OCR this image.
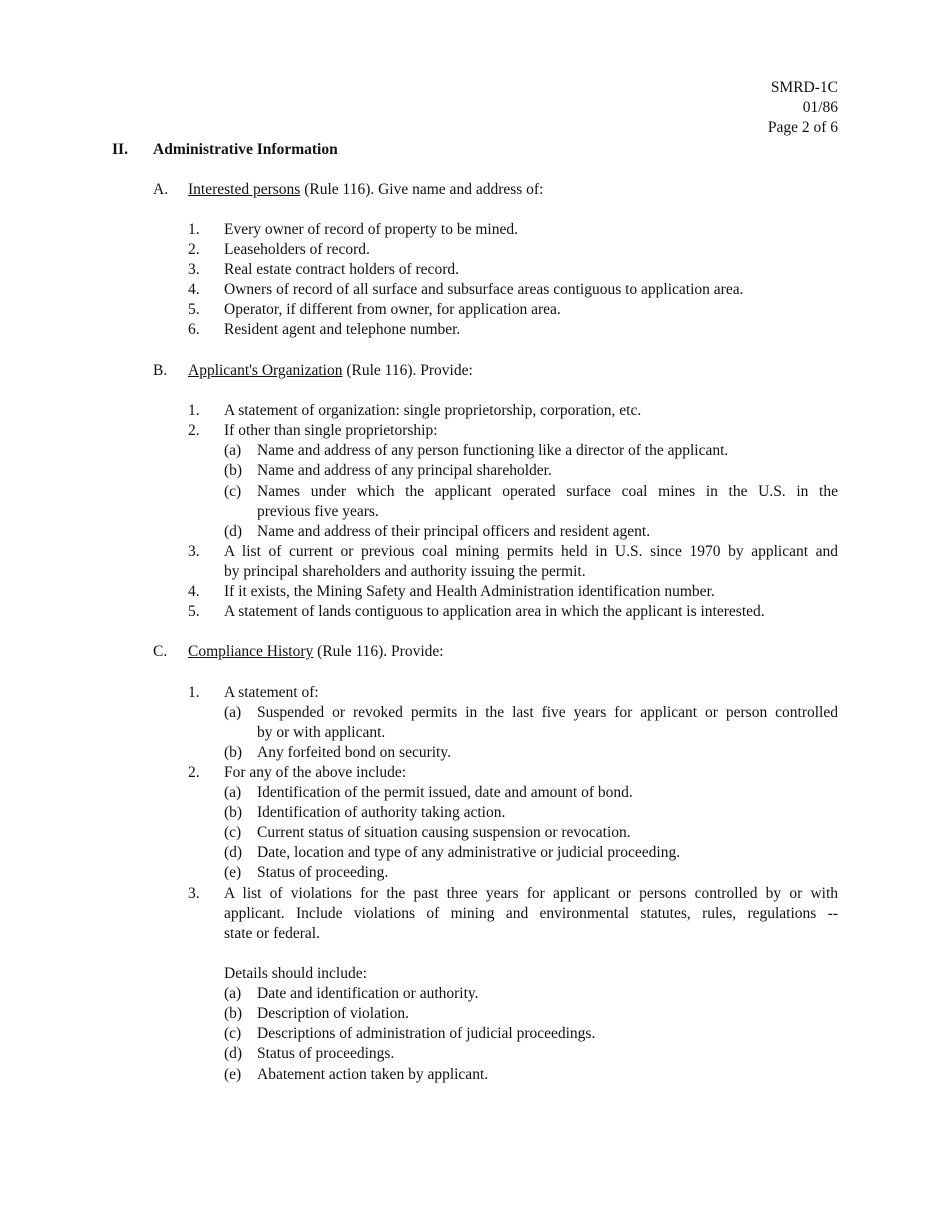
SMRD-1C
01/86
Page 2 of 6
II. Administrative Information
A. Interested persons (Rule 116). Give name and address of:
1. Every owner of record of property to be mined.
2. Leaseholders of record.
3. Real estate contract holders of record.
4. Owners of record of all surface and subsurface areas contiguous to application area.
5. Operator, if different from owner, for application area.
6. Resident agent and telephone number.
B. Applicant's Organization (Rule 116). Provide:
1. A statement of organization: single proprietorship, corporation, etc.
2. If other than single proprietorship:
(a) Name and address of any person functioning like a director of the applicant.
(b) Name and address of any principal shareholder.
(c) Names under which the applicant operated surface coal mines in the U.S. in the
previous five years.
(d) Name and address of their principal officers and resident agent.
3. A list of current or previous coal mining permits held in U.S. since 1970 by applicant and
by principal shareholders and authority issuing the permit.
4. If it exists, the Mining Safety and Health Administration identification number.
5. A statement of lands contiguous to application area in which the applicant is interested.
C. Compliance History (Rule 116). Provide:
1. A statement of:
(a) Suspended or revoked permits in the last five years for applicant or person controlled
by or with applicant.
(b) Any forfeited bond on security.
2. For any of the above include:
(a) Identification of the permit issued, date and amount of bond.
(b) Identification of authority taking action.
(c) Current status of situation causing suspension or revocation.
(d) Date, location and type of any administrative or judicial proceeding.
(e) Status of proceeding.
3. A list of violations for the past three years for applicant or persons controlled by or with
applicant. Include violations of mining and environmental statutes, rules, regulations --
state or federal.
Details should include:
(a) Date and identification or authority.
(b) Description of violation.
(c) Descriptions of administration of judicial proceedings.
(d) Status of proceedings.
(e) Abatement action taken by applicant.
